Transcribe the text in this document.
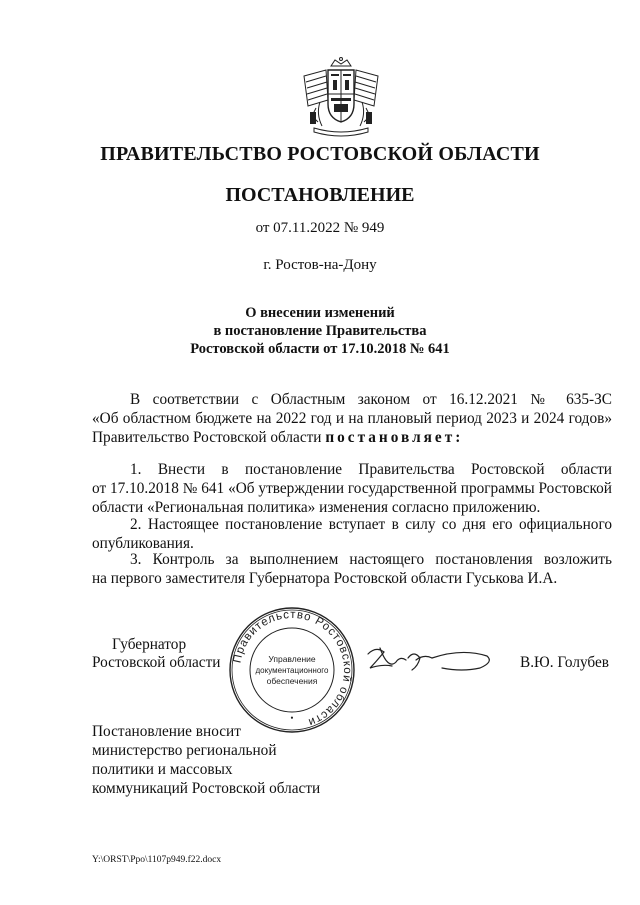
ПРАВИТЕЛЬСТВО РОСТОВСКОЙ ОБЛАСТИ
ПОСТАНОВЛЕНИЕ
от 07.11.2022 № 949
г. Ростов-на-Дону
О внесении изменений
в постановление Правительства
Ростовской области от 17.10.2018 № 641
В соответствии с Областным законом от 16.12.2021 № 635-ЗС
«Об областном бюджете на 2022 год и на плановый период 2023 и 2024 годов»
Правительство Ростовской области постановляет:
1. Внести в постановление Правительства Ростовской области
от 17.10.2018 № 641 «Об утверждении государственной программы Ростовской
области «Региональная политика» изменения согласно приложению.
2. Настоящее постановление вступает в силу со дня его официального
опубликования.
3. Контроль за выполнением настоящего постановления возложить
на первого заместителя Губернатора Ростовской области Гуськова И.А.
Губернатор
Ростовской области	В.Ю. Голубев
Правительство Ростовской области
Управление
документационного
обеспечения
•
Постановление вносит
министерство региональной
политики и массовых
коммуникаций Ростовской области
Y:\ORST\Ppo\1107p949.f22.docx
